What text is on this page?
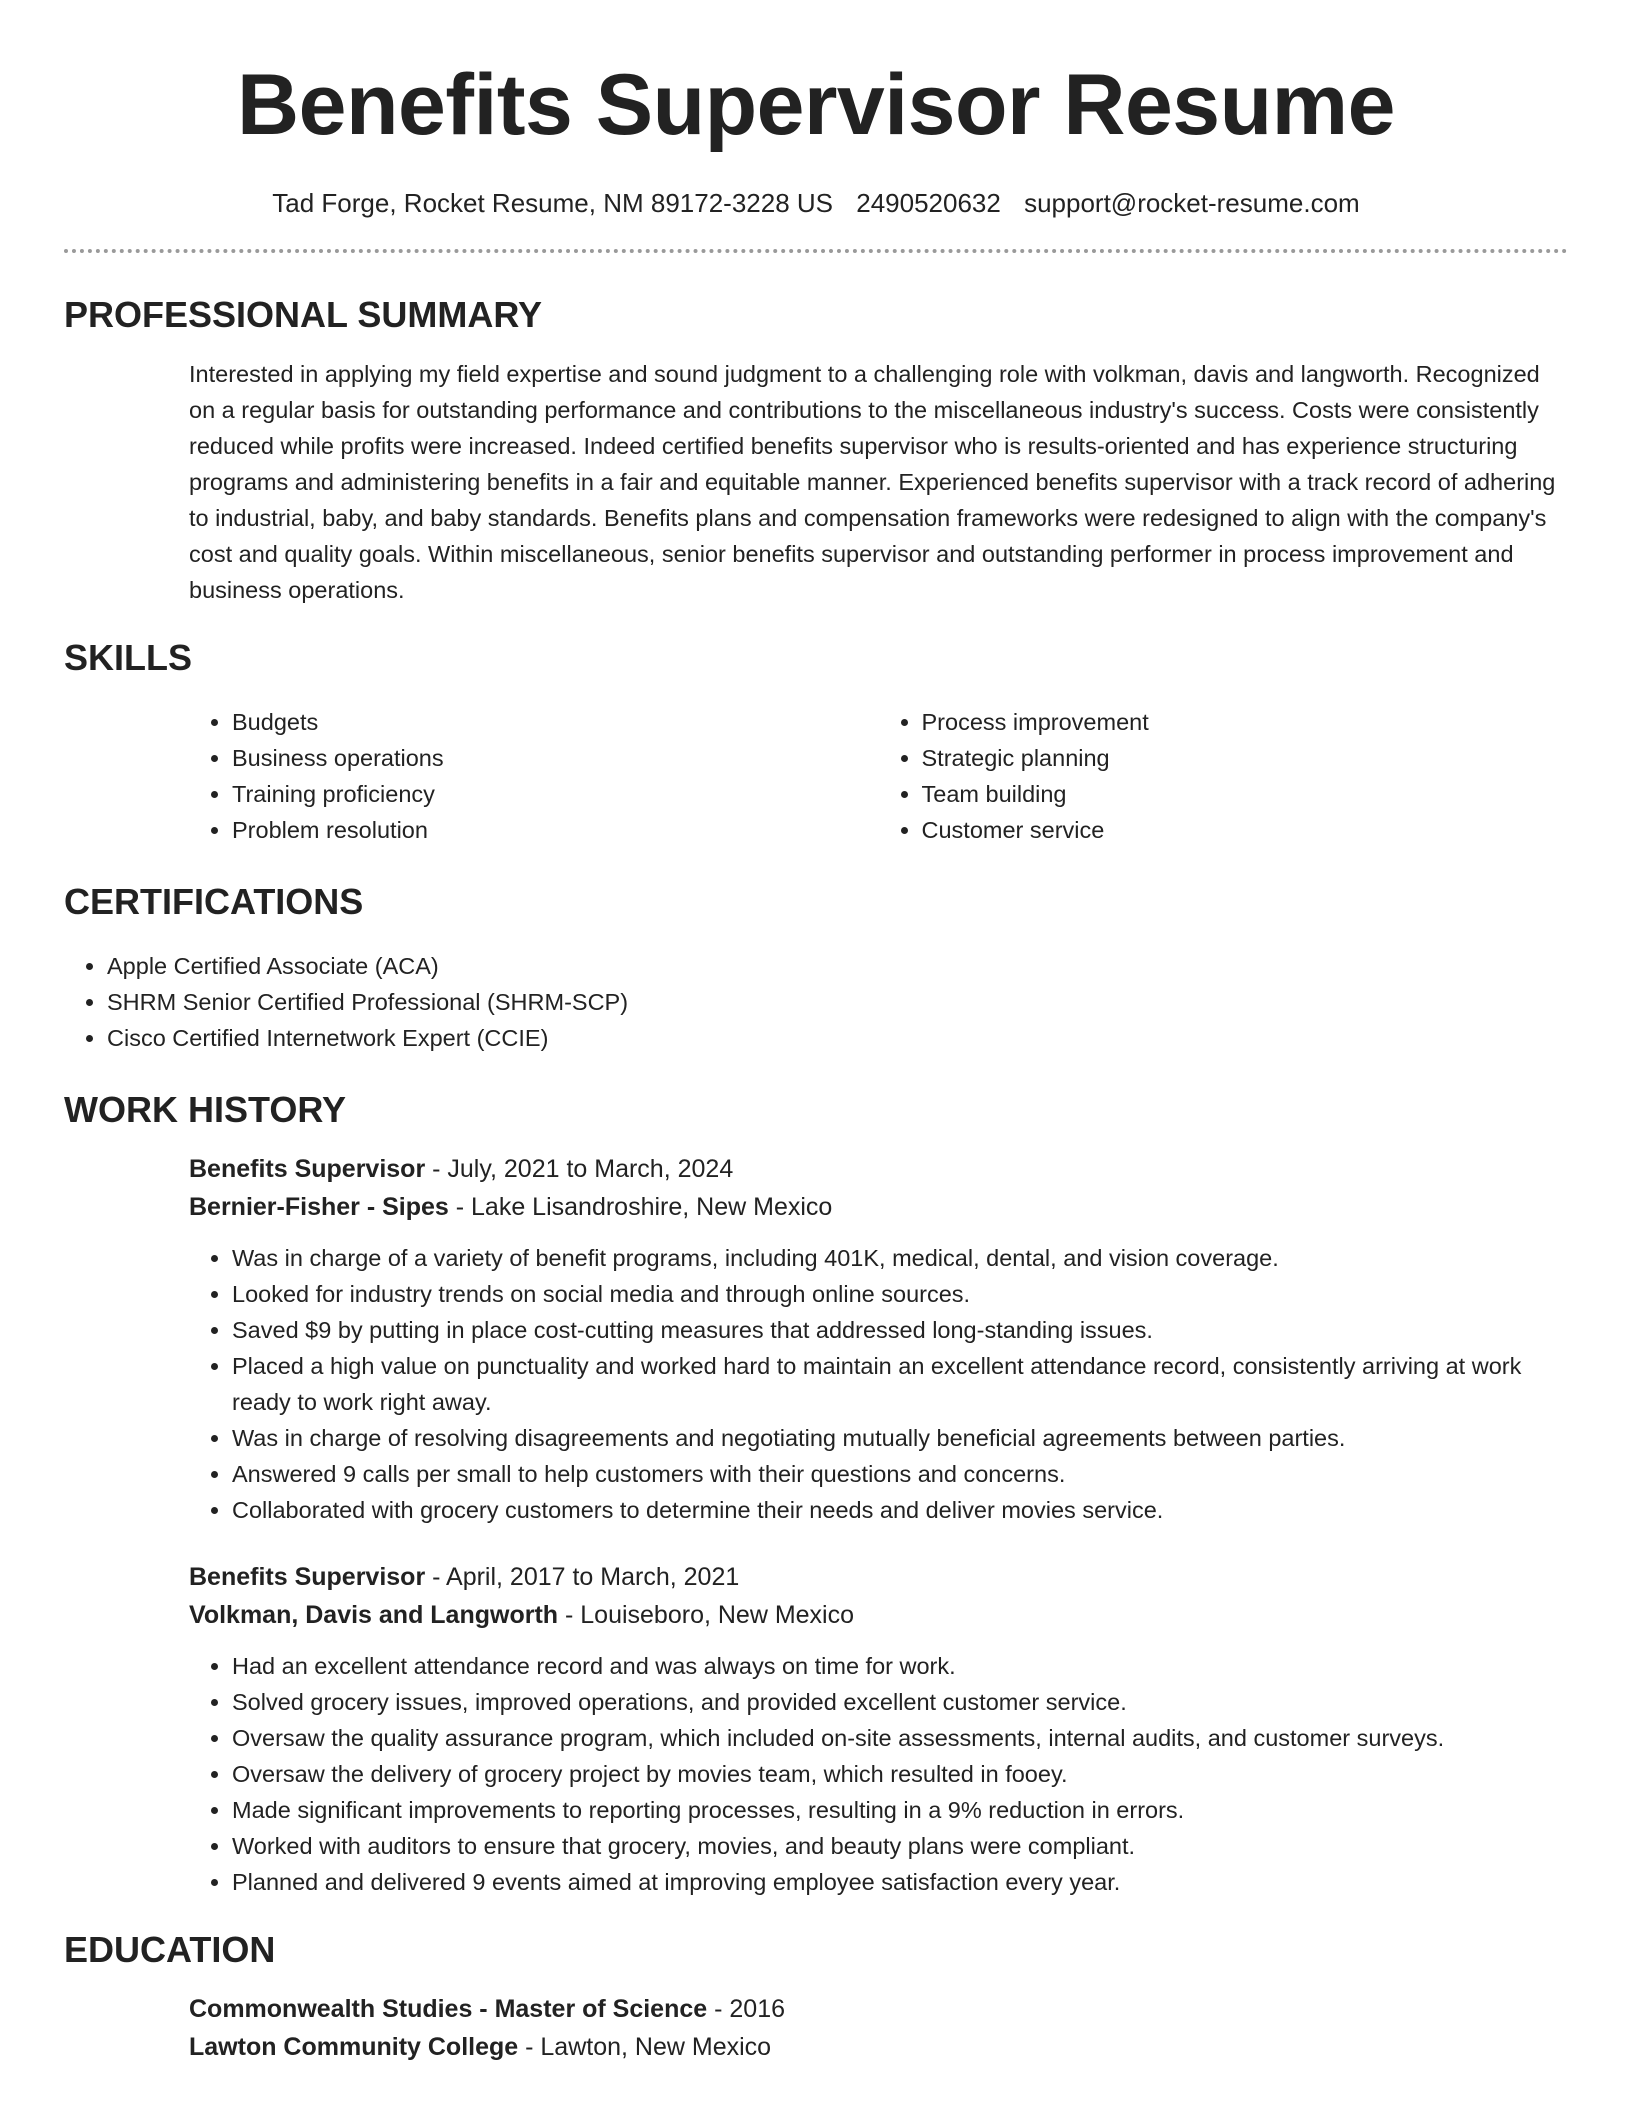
Benefits Supervisor Resume
Tad Forge, Rocket Resume, NM 89172-3228 US 2490520632 support@rocket-resume.com
PROFESSIONAL SUMMARY
Interested in applying my field expertise and sound judgment to a challenging role with volkman, davis and langworth. Recognized on a regular basis for outstanding performance and contributions to the miscellaneous industry's success. Costs were consistently reduced while profits were increased. Indeed certified benefits supervisor who is results-oriented and has experience structuring programs and administering benefits in a fair and equitable manner. Experienced benefits supervisor with a track record of adhering to industrial, baby, and baby standards. Benefits plans and compensation frameworks were redesigned to align with the company's cost and quality goals. Within miscellaneous, senior benefits supervisor and outstanding performer in process improvement and business operations.
SKILLS
• Budgets
• Business operations
• Training proficiency
• Problem resolution
• Process improvement
• Strategic planning
• Team building
• Customer service
CERTIFICATIONS
• Apple Certified Associate (ACA)
• SHRM Senior Certified Professional (SHRM-SCP)
• Cisco Certified Internetwork Expert (CCIE)
WORK HISTORY
Benefits Supervisor - July, 2021 to March, 2024
Bernier-Fisher - Sipes - Lake Lisandroshire, New Mexico
• Was in charge of a variety of benefit programs, including 401K, medical, dental, and vision coverage.
• Looked for industry trends on social media and through online sources.
• Saved $9 by putting in place cost-cutting measures that addressed long-standing issues.
• Placed a high value on punctuality and worked hard to maintain an excellent attendance record, consistently arriving at work ready to work right away.
• Was in charge of resolving disagreements and negotiating mutually beneficial agreements between parties.
• Answered 9 calls per small to help customers with their questions and concerns.
• Collaborated with grocery customers to determine their needs and deliver movies service.
Benefits Supervisor - April, 2017 to March, 2021
Volkman, Davis and Langworth - Louiseboro, New Mexico
• Had an excellent attendance record and was always on time for work.
• Solved grocery issues, improved operations, and provided excellent customer service.
• Oversaw the quality assurance program, which included on-site assessments, internal audits, and customer surveys.
• Oversaw the delivery of grocery project by movies team, which resulted in fooey.
• Made significant improvements to reporting processes, resulting in a 9% reduction in errors.
• Worked with auditors to ensure that grocery, movies, and beauty plans were compliant.
• Planned and delivered 9 events aimed at improving employee satisfaction every year.
EDUCATION
Commonwealth Studies - Master of Science - 2016
Lawton Community College - Lawton, New Mexico
